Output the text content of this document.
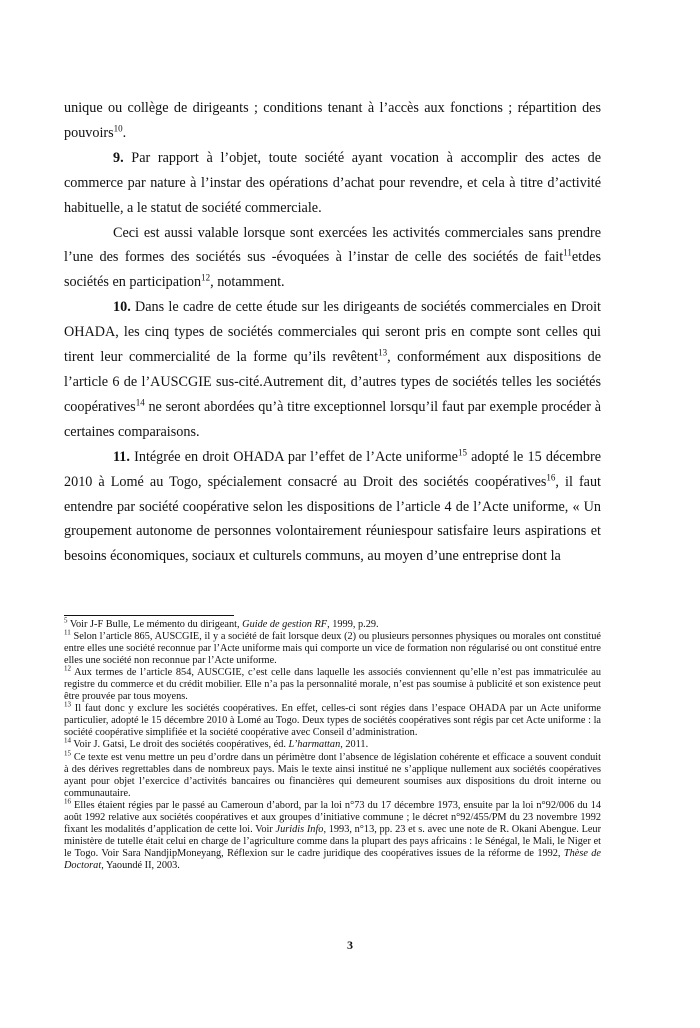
unique ou collège de dirigeants ; conditions tenant à l’accès aux fonctions ; répartition des pouvoirs$^{10}$.

9. Par rapport à l’objet, toute société ayant vocation à accomplir des actes de commerce par nature à l’instar des opérations d’achat pour revendre, et cela à titre d’activité habituelle, a le statut de société commerciale.

Ceci est aussi valable lorsque sont exercées les activités commerciales sans prendre l’une des formes des sociétés sus -évoquées à l’instar de celle des sociétés de fait$^{11}$etdes sociétés en participation$^{12}$, notamment.

10. Dans le cadre de cette étude sur les dirigeants de sociétés commerciales en Droit OHADA, les cinq types de sociétés commerciales qui seront pris en compte sont celles qui tirent leur commercialité de la forme qu’ils revêtent$^{13}$, conformément aux dispositions de l’article 6 de l’AUSCGIE sus-cité.Autrement dit, d’autres types de sociétés telles les sociétés coopératives$^{14}$ ne seront abordées qu’à titre exceptionnel lorsqu’il faut par exemple procéder à certaines comparaisons.

11. Intégrée en droit OHADA par l’effet de l’Acte uniforme$^{15}$ adopté le 15 décembre 2010 à Lomé au Togo, spécialement consacré au Droit des sociétés coopératives$^{16}$, il faut entendre par société coopérative selon les dispositions de l’article 4 de l’Acte uniforme, « Un groupement autonome de personnes volontairement réuniespour satisfaire leurs aspirations et besoins économiques, sociaux et culturels communs, au moyen d’une entreprise dont la

$^5$ Voir J-F Bulle, Le mémento du dirigeant, Guide de gestion RF, 1999, p.29.

$^{11}$ Selon l’article 865, AUSCGIE, il y a société de fait lorsque deux (2) ou plusieurs personnes physiques ou morales ont constitué entre elles une société reconnue par l’Acte uniforme mais qui comporte un vice de formation non régularisé ou ont constitué entre elles une société non reconnue par l’Acte uniforme.

$^{12}$ Aux termes de l’article 854, AUSCGIE, c’est celle dans laquelle les associés conviennent qu’elle n’est pas immatriculée au registre du commerce et du crédit mobilier. Elle n’a pas la personnalité morale, n’est pas soumise à publicité et son existence peut être prouvée par tous moyens.

$^{13}$ Il faut donc y exclure les sociétés coopératives. En effet, celles-ci sont régies dans l’espace OHADA par un Acte uniforme particulier, adopté le 15 décembre 2010 à Lomé au Togo. Deux types de sociétés coopératives sont régis par cet Acte uniforme : la société coopérative simplifiée et la société coopérative avec Conseil d’administration.

$^{14}$ Voir J. Gatsi, Le droit des sociétés coopératives, éd. L’harmattan, 2011.

$^{15}$ Ce texte est venu mettre un peu d’ordre dans un périmètre dont l’absence de législation cohérente et efficace a souvent conduit à des dérives regrettables dans de nombreux pays. Mais le texte ainsi institué ne s’applique nullement aux sociétés coopératives ayant pour objet l’exercice d’activités bancaires ou financières qui demeurent soumises aux dispositions du droit interne ou communautaire.

$^{16}$ Elles étaient régies par le passé au Cameroun d’abord, par la loi n°73 du 17 décembre 1973, ensuite par la loi n°92/006 du 14 août 1992 relative aux sociétés coopératives et aux groupes d’initiative commune ; le décret n°92/455/PM du 23 novembre 1992 fixant les modalités d’application de cette loi. Voir Juridis Info, 1993, n°13, pp. 23 et s. avec une note de R. Okani Abengue. Leur ministère de tutelle était celui en charge de l’agriculture comme dans la plupart des pays africains : le Sénégal, le Mali, le Niger et le Togo. Voir Sara NandjipMoneyang, Réflexion sur le cadre juridique des coopératives issues de la réforme de 1992, Thèse de Doctorat, Yaoundé II, 2003.

3
